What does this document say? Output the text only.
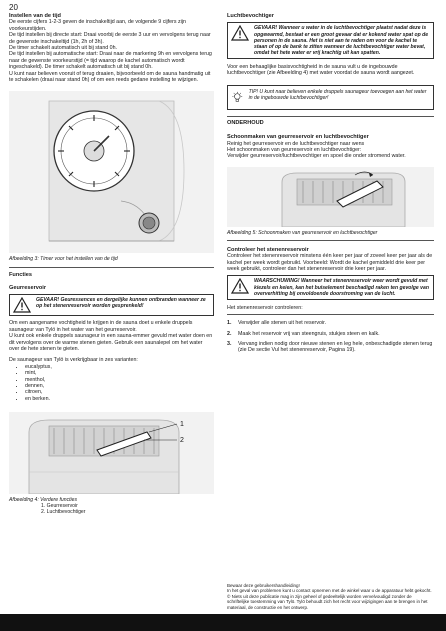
20

Instellen van de tijd

De eerste cijfers 1-2-3 geven de inschakeltijd aan, de volgende 9 cijfers zijn voorkeurstijden.
De tijd instellen bij directe start: Draai voorbij de eerste 3 uur en vervolgens terug naar de gewenste inschakeltijd (1h, 2h of 3h).
De timer schakelt automatisch uit bij stand 0h.
De tijd instellen bij automatische start: Draai naar de markering 9h en vervolgens terug naar de gewenste voorkeurstijd (= tijd waarop de kachel automatisch wordt ingeschakeld). De timer schakelt automatisch uit bij stand 0h.
U kunt naar believen vooruit of terug draaien, bijvoorbeeld om de sauna handmatig uit te schakelen (draai naar stand 0h) of om een reeds gedane instelling te wijzigen.

Afbeelding 3: Timer voor het instellen van de tijd

Functies

Geurreservoir

GEVAAR! Geuressences en dergelijke kunnen ontbranden wanneer ze op het stenenreservoir worden gesprenkeld!

Om een aangename vochtigheid te krijgen in de sauna doet u enkele druppels saunageur van Tylö in het water van het geurreservoir.
U kunt ook enkele druppels saunageur in een sauna-emmer gevuld met water doen en dit vervolgens over de warme stenen gieten. Gebruik een saunalepel om het water over de hete stenen te gieten.

De saunageur van Tylö is verkrijgbaar in zes varianten:

• eucalyptus,
• mint,
• menthol,
• dennen,
• citroen,
• en berken.
1
2

Afbeelding 4: Verdere functies

1. Geurreservoir

2. Luchtbevochtiger

Luchtbevochtiger

GEVAAR! Wanneer u water in de luchtbevochtiger plaatst nadat deze is opgewarmd, bestaat er een groot gevaar dat er kokend water spat op de personen in de sauna. Het is niet aan te raden om voor de kachel te staan of op de bank te zitten wanneer de luchtbevochtiger water bevat, omdat het hete water er vrij krachtig uit kan spatten.

Voor een behaaglijke basisvochtigheid in de sauna vult u de ingebouwde luchtbevochtiger (zie Afbeelding 4) met water voordat de sauna wordt aangezet.

TIP! U kunt naar believen enkele druppels saunageur toevoegen aan het water in de ingebouwde luchtbevochtiger!

ONDERHOUD

Schoonmaken van geurreservoir en luchtbevochtiger

Reinig het geurreservoir en de luchtbevochtiger naar wens
Het schoonmaken van geurreservoir en luchtbevochtiger:
Verwijder geurreservoir/luchtbevochtiger en spoel die onder stromend water.

Afbeelding 5: Schoonmaken van geurreservoir en luchtbevochtiger

Controleer het stenenreservoir

Controleer het stenenreservoir minstens één keer per jaar of zoveel keer per jaar als de kachel per week wordt gebruikt. Voorbeeld: Wordt de kachel gemiddeld drie keer per week gebruikt, controleer dan het stenenreservoir drie keer per jaar.

WAARSCHUWING! Wanneer het stenenreservoir weer wordt gevuld met kiezels en keien, kan het buiselement beschadigd raken ten gevolge van oververhitting bij onvoldoende doorstroming van de lucht.

Het stenenreservoir controleren:

1.	Verwijder alle stenen uit het reservoir.
2.	Maak het reservoir vrij van steengruis, stukjes steen en kalk.
3.	Vervang indien nodig door nieuwe stenen en leg hele, onbeschadigde stenen terug (zie De sectie Vul het stenenreservoir, Pagina 19).

Bewaar deze gebruikershandleiding!

In het geval van problemen kunt u contact opnemen met de winkel waar u de apparatuur hebt gekocht.
© Niets uit deze publicatie mag in zijn geheel of gedeeltelijk worden vervelvoudigd zonder de schriftelijke toestemming van Tylö. Tylö behoudt zich het recht voor wijzigingen aan te brengen in het materiaal, de constructie en het ontwerp.
